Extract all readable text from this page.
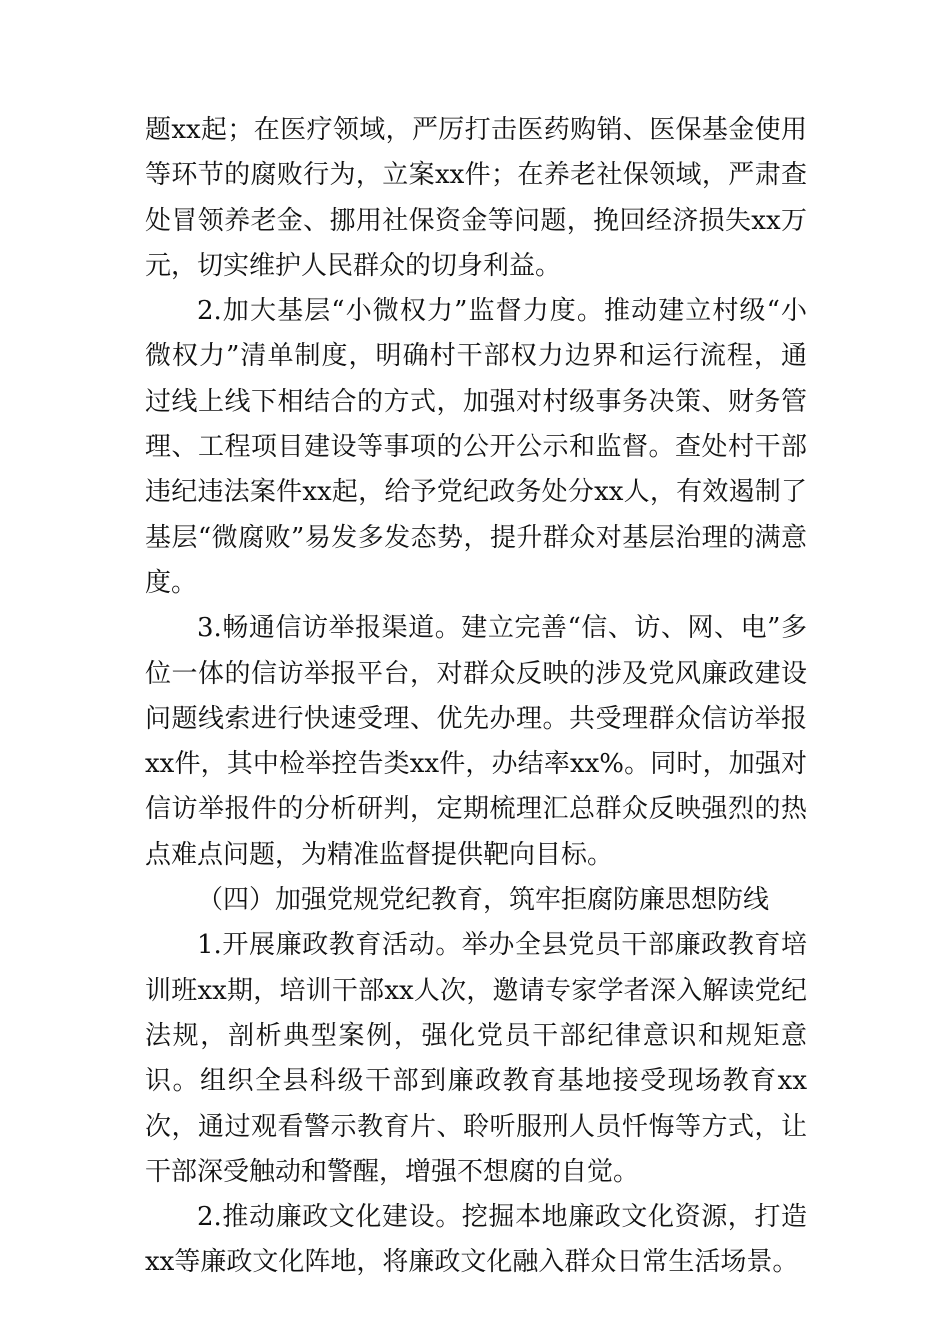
题xx起；在医疗领域，严厉打击医药购销、医保基金使用等环节的腐败行为，立案xx件；在养老社保领域，严肃查处冒领养老金、挪用社保资金等问题，挽回经济损失xx万元，切实维护人民群众的切身利益。

2.加大基层“小微权力”监督力度。推动建立村级“小微权力”清单制度，明确村干部权力边界和运行流程，通过线上线下相结合的方式，加强对村级事务决策、财务管理、工程项目建设等事项的公开公示和监督。查处村干部违纪违法案件xx起，给予党纪政务处分xx人，有效遏制了基层“微腐败”易发多发态势，提升群众对基层治理的满意度。

3.畅通信访举报渠道。建立完善“信、访、网、电”多位一体的信访举报平台，对群众反映的涉及党风廉政建设问题线索进行快速受理、优先办理。共受理群众信访举报xx件，其中检举控告类xx件，办结率xx%。同时，加强对信访举报件的分析研判，定期梳理汇总群众反映强烈的热点难点问题，为精准监督提供靶向目标。

（四）加强党规党纪教育，筑牢拒腐防廉思想防线

1.开展廉政教育活动。举办全县党员干部廉政教育培训班xx期，培训干部xx人次，邀请专家学者深入解读党纪法规，剖析典型案例，强化党员干部纪律意识和规矩意识。组织全县科级干部到廉政教育基地接受现场教育xx次，通过观看警示教育片、聆听服刑人员忏悔等方式，让干部深受触动和警醒，增强不想腐的自觉。

2.推动廉政文化建设。挖掘本地廉政文化资源，打造xx等廉政文化阵地，将廉政文化融入群众日常生活场景。
